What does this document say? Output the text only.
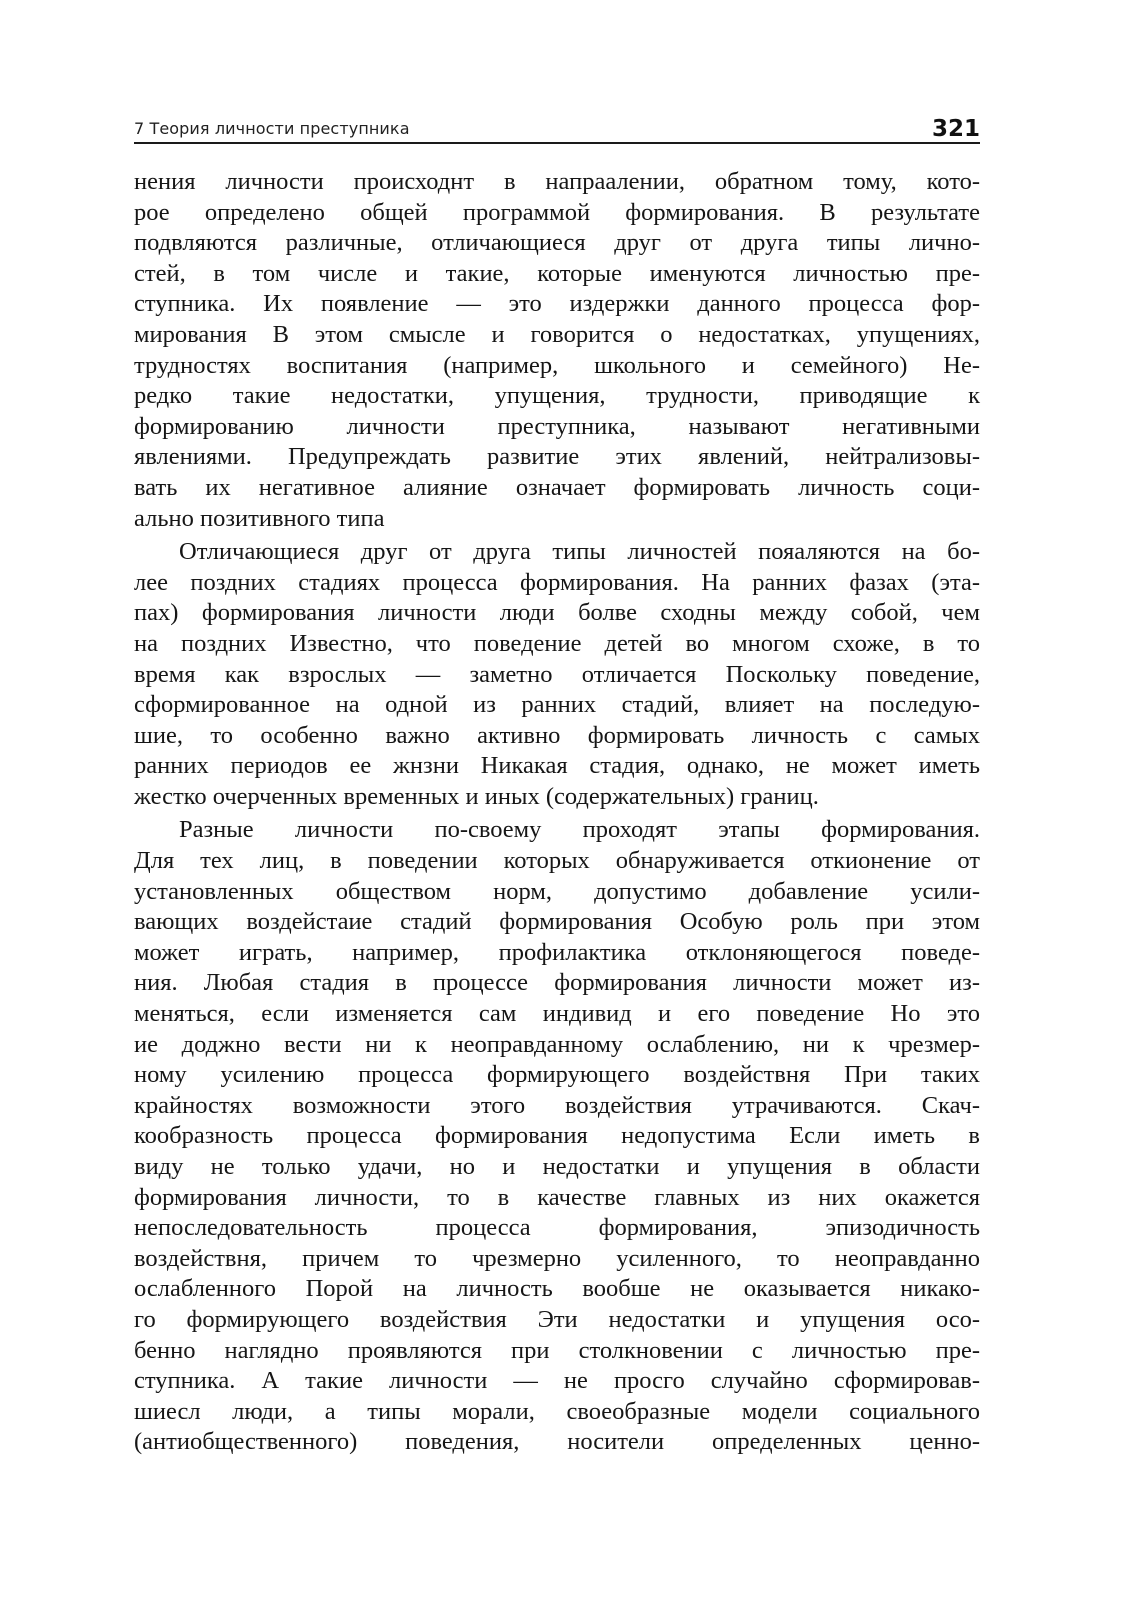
7 Теория личности преступника	321

нения личности происходнт в напраалении, обратном тому, кото-
рое определено общей программой формирования. В результате
подвляются различные, отличающиеся друг от друга типы лично-
стей, в том числе и такие, которые именуются личностью пре-
ступника. Их появление — это издержки данного процесса фор-
мирования В этом смысле и говорится о недостатках, упущениях,
трудностях воспитания (например, школьного и семейного) Не-
редко такие недостатки, упущения, трудности, приводящие к
формированию личности преступника, называют негативными
явлениями. Предупреждать развитие этих явлений, нейтрализовы-
вать их негативное алияние означает формировать личность соци-
ально позитивного типа

Отличающиеся друг от друга типы личностей пояаляются на бо-
лее поздних стадиях процесса формирования. На ранних фазах (эта-
пах) формирования личности люди болве сходны между собой, чем
на поздних Известно, что поведение детей во многом схоже, в то
время как взрослых — заметно отличается Поскольку поведение,
сформированное на одной из ранних стадий, влияет на последую-
шие, то особенно важно активно формировать личность с самых
ранних периодов ее жнзни Никакая стадия, однако, не может иметь
жестко очерченных временных и иных (содержательных) границ.

Разные личности по-своему проходят этапы формирования.
Для тех лиц, в поведении которых обнаруживается откионение от
установленных обществом норм, допустимо добавление усили-
вающих воздейстаие стадий формирования Особую роль при этом
может играть, например, профилактика отклоняющегося поведе-
ния. Любая стадия в процессе формирования личности может из-
меняться, если изменяется сам индивид и его поведение Но это
ие доджно вести ни к неоправданному ослаблению, ни к чрезмер-
ному усилению процесса формирующего воздействня При таких
крайностях возможности этого воздействия утрачиваются. Скач-
кообразность процесса формирования недопустима Если иметь в
виду не только удачи, но и недостатки и упущения в области
формирования личности, то в качестве главных из них окажется
непоследовательность процесса формирования, эпизодичность
воздействня, причем то чрезмерно усиленного, то неоправданно
ослабленного Порой на личность вообше не оказывается никако-
го формирующего воздействия Эти недостатки и упущения осо-
бенно наглядно проявляются при столкновении с личностью пре-
ступника. А такие личности — не просго случайно сформировав-
шиесл люди, а типы морали, своеобразные модели социального
(антиобщественного) поведения, носители определенных ценно-
